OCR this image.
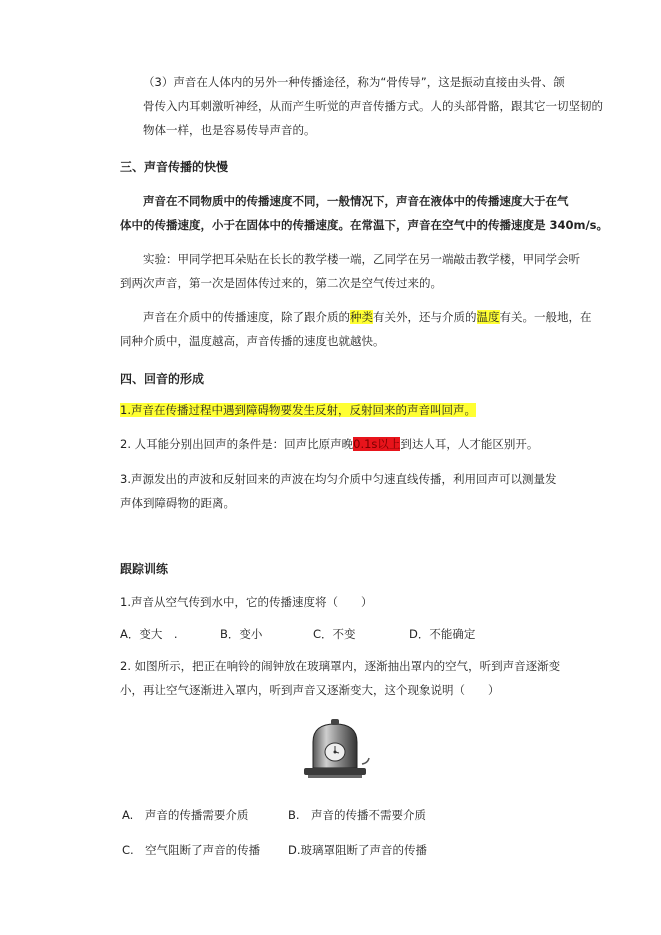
（3）声音在人体内的另外一种传播途径，称为“骨传导”，这是振动直接由头骨、颌
骨传入内耳刺激听神经，从而产生听觉的声音传播方式。人的头部骨骼，跟其它一切坚韧的
物体一样，也是容易传导声音的。

三、声音传播的快慢

声音在不同物质中的传播速度不同，一般情况下，声音在液体中的传播速度大于在气
体中的传播速度，小于在固体中的传播速度。在常温下，声音在空气中的传播速度是 340m/s。

实验：甲同学把耳朵贴在长长的教学楼一端，乙同学在另一端敲击教学楼，甲同学会听
到两次声音，第一次是固体传过来的，第二次是空气传过来的。

声音在介质中的传播速度，除了跟介质的种类有关外，还与介质的温度有关。一般地，在
同种介质中，温度越高，声音传播的速度也就越快。

四、回音的形成

1.声音在传播过程中遇到障碍物要发生反射，反射回来的声音叫回声。

2. 人耳能分别出回声的条件是：回声比原声晚0.1s以上到达人耳，人才能区别开。

3.声源发出的声波和反射回来的声波在均匀介质中匀速直线传播，利用回声可以测量发
声体到障碍物的距离。

跟踪训练

1.声音从空气传到水中，它的传播速度将（　　）

A．变大　.	B．变小	C．不变	D．不能确定

2. 如图所示，把正在响铃的闹钟放在玻璃罩内，逐渐抽出罩内的空气，听到声音逐渐变
小，再让空气逐渐进入罩内，听到声音又逐渐变大，这个现象说明（　　）

A.　声音的传播需要介质	B.　声音的传播不需要介质
C.　空气阻断了声音的传播 D.玻璃罩阻断了声音的传播
